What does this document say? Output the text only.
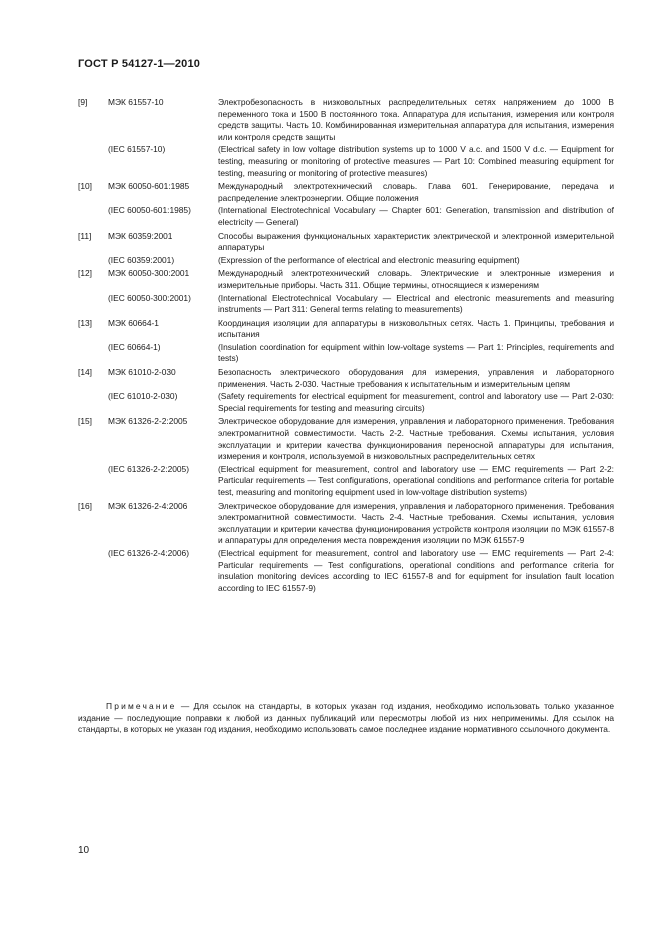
ГОСТ Р 54127-1—2010
[9]	МЭК 61557-10	Электробезопасность в низковольтных распределительных сетях напряжением до 1000 В переменного тока и 1500 В постоянного тока. Аппаратура для испытания, измерения или контроля средств защиты. Часть 10. Комбинированная измерительная аппаратура для испытания, измерения или контроля средств защиты
(IEC 61557-10)	(Electrical safety in low voltage distribution systems up to 1000 V a.c. and 1500 V d.c. — Equipment for testing, measuring or monitoring of protective measures — Part 10: Combined measuring equipment for testing, measuring or monitoring of protective measures)
[10]	МЭК 60050-601:1985	Международный электротехнический словарь. Глава 601. Генерирование, передача и распределение электроэнергии. Общие положения
(IEC 60050-601:1985)	(International Electrotechnical Vocabulary — Chapter 601: Generation, transmission and distribution of electricity — General)
[11]	МЭК 60359:2001	Способы выражения функциональных характеристик электрической и электронной измерительной аппаратуры
(IEC 60359:2001)	(Expression of the performance of electrical and electronic measuring equipment)
[12]	МЭК 60050-300:2001	Международный электротехнический словарь. Электрические и электронные измерения и измерительные приборы. Часть 311. Общие термины, относящиеся к измерениям
(IEC 60050-300:2001)	(International Electrotechnical Vocabulary — Electrical and electronic measurements and measuring instruments — Part 311: General terms relating to measurements)
[13]	МЭК 60664-1	Координация изоляции для аппаратуры в низковольтных сетях. Часть 1. Принципы, требования и испытания
(IEC 60664-1)	(Insulation coordination for equipment within low-voltage systems — Part 1: Principles, requirements and tests)
[14]	МЭК 61010-2-030	Безопасность электрического оборудования для измерения, управления и лабораторного применения. Часть 2-030. Частные требования к испытательным и измерительным цепям
(IEC 61010-2-030)	(Safety requirements for electrical equipment for measurement, control and laboratory use — Part 2-030: Special requirements for testing and measuring circuits)
[15]	МЭК 61326-2-2:2005	Электрическое оборудование для измерения, управления и лабораторного применения. Требования электромагнитной совместимости. Часть 2-2. Частные требования. Схемы испытания, условия эксплуатации и критерии качества функционирования переносной аппаратуры для испытания, измерения и контроля, используемой в низковольтных распределительных сетях
(IEC 61326-2-2:2005)	(Electrical equipment for measurement, control and laboratory use — EMC requirements — Part 2-2: Particular requirements — Test configurations, operational conditions and performance criteria for portable test, measuring and monitoring equipment used in low-voltage distribution systems)
[16]	МЭК 61326-2-4:2006	Электрическое оборудование для измерения, управления и лабораторного применения. Требования электромагнитной совместимости. Часть 2-4. Частные требования. Схемы испытания, условия эксплуатации и критерии качества функционирования устройств контроля изоляции по МЭК 61557-8 и аппаратуры для определения места повреждения изоляции по МЭК 61557-9
(IEC 61326-2-4:2006)	(Electrical equipment for measurement, control and laboratory use — EMC requirements — Part 2-4: Particular requirements — Test configurations, operational conditions and performance criteria for insulation monitoring devices according to IEC 61557-8 and for equipment for insulation fault location according to IEC 61557-9)
Примечание — Для ссылок на стандарты, в которых указан год издания, необходимо использовать только указанное издание — последующие поправки к любой из данных публикаций или пересмотры любой из них неприменимы. Для ссылок на стандарты, в которых не указан год издания, необходимо использовать самое последнее издание нормативного ссылочного документа.
10
